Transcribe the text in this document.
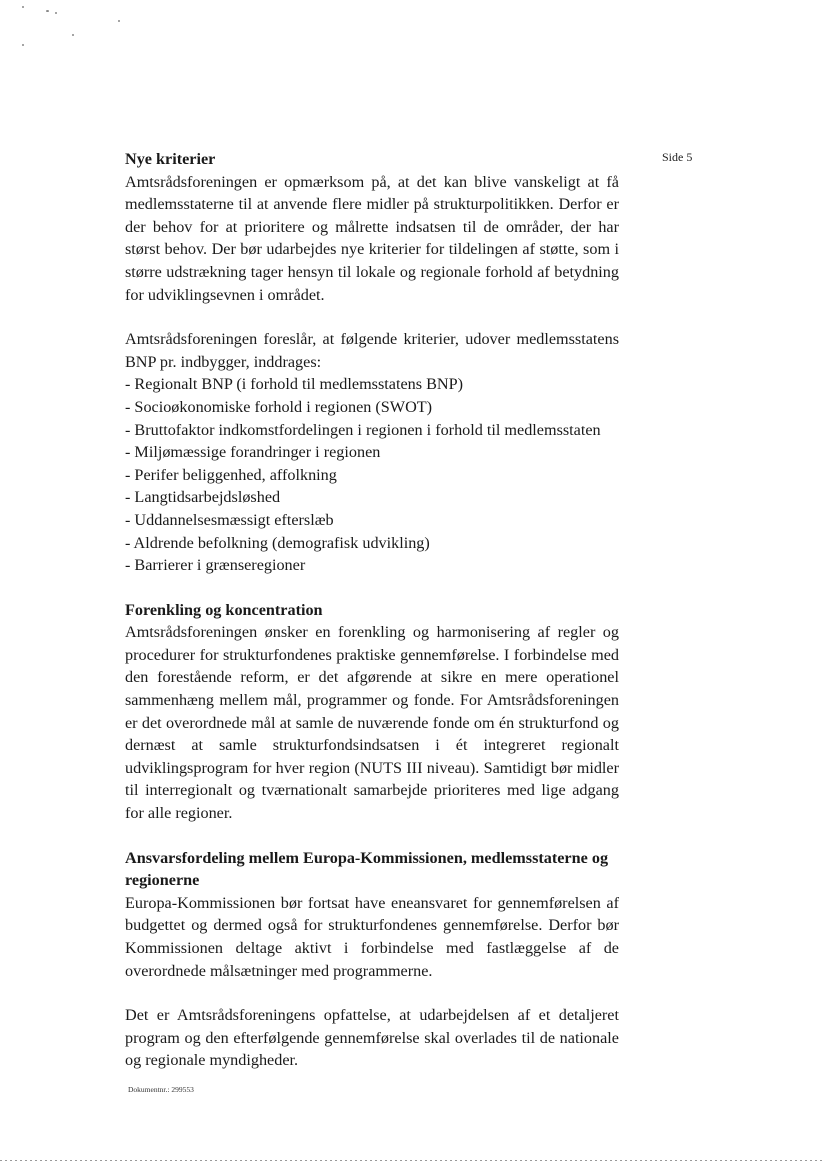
Side 5
Nye kriterier

Amtsrådsforeningen er opmærksom på, at det kan blive vanskeligt at få medlemsstaterne til at anvende flere midler på strukturpolitikken. Derfor er der behov for at prioritere og målrette indsatsen til de områder, der har størst behov. Der bør udarbejdes nye kriterier for tildelingen af støtte, som i større udstrækning tager hensyn til lokale og regionale forhold af betydning for udviklingsevnen i området.

Amtsrådsforeningen foreslår, at følgende kriterier, udover medlemsstatens BNP pr. indbygger, inddrages:

- Regionalt BNP (i forhold til medlemsstatens BNP)
- Socioøkonomiske forhold i regionen (SWOT)
- Bruttofaktor indkomstfordelingen i regionen i forhold til medlemsstaten
- Miljømæssige forandringer i regionen
- Perifer beliggenhed, affolkning
- Langtidsarbejdsløshed
- Uddannelsesmæssigt efterslæb
- Aldrende befolkning (demografisk udvikling)
- Barrierer i grænseregioner
Forenkling og koncentration

Amtsrådsforeningen ønsker en forenkling og harmonisering af regler og procedurer for strukturfondenes praktiske gennemførelse. I forbindelse med den forestående reform, er det afgørende at sikre en mere operationel sammenhæng mellem mål, programmer og fonde. For Amtsrådsforeningen er det overordnede mål at samle de nuværende fonde om én strukturfond og dernæst at samle strukturfondsindsatsen i ét integreret regionalt udviklingsprogram for hver region (NUTS III niveau). Samtidigt bør midler til interregionalt og tværnationalt samarbejde prioriteres med lige adgang for alle regioner.

Ansvarsfordeling mellem Europa-Kommissionen, medlemsstaterne og regionerne

Europa-Kommissionen bør fortsat have eneansvaret for gennemførelsen af budgettet og dermed også for strukturfondenes gennemførelse. Derfor bør Kommissionen deltage aktivt i forbindelse med fastlæggelse af de overordnede målsætninger med programmerne.

Det er Amtsrådsforeningens opfattelse, at udarbejdelsen af et detaljeret program og den efterfølgende gennemførelse skal overlades til de nationale og regionale myndigheder.

Dokumentnr.: 299553
